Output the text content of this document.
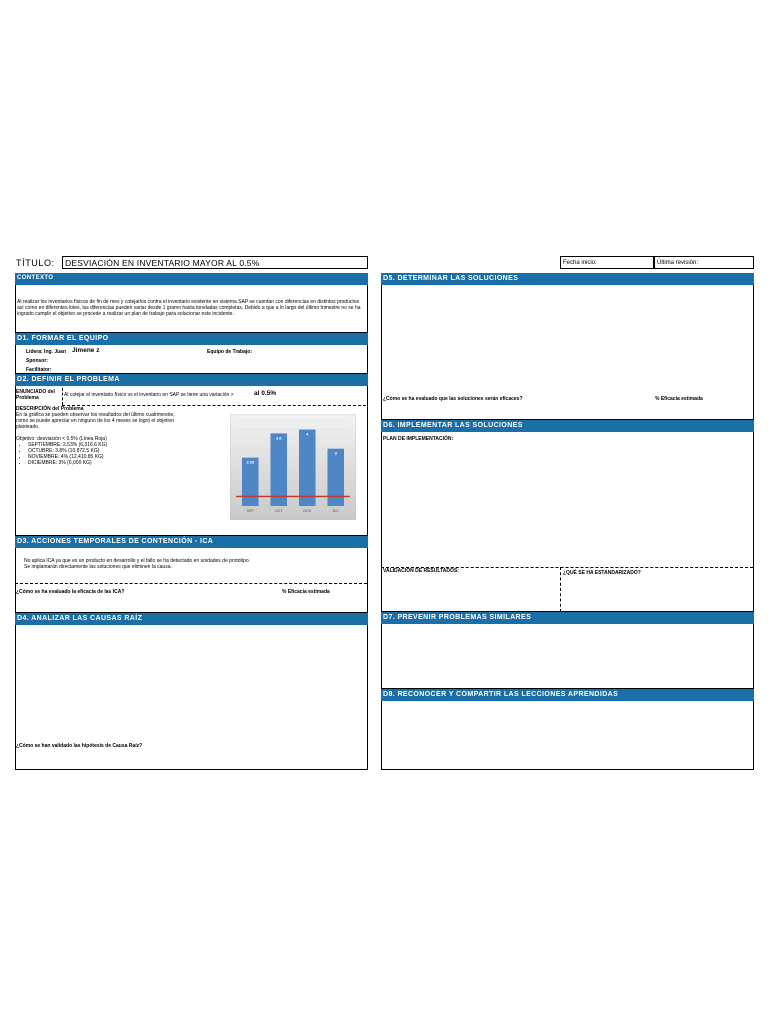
TÍTULO: DESVIACIÓN EN INVENTARIO MAYOR AL 0.5%	Fecha inicio:	Última revisión:
CONTEXTO
Al realizar los inventarios físicos de fin de mes y cotejarlos contra el inventario existente en sistema SAP se cuentan con diferencias en distintos productos así como en diferentes lotes, las diferencias pueden variar desde 1 gramo hasta toneladas completas. Debido a que a lo largo del último trimestre no se ha logrado cumplir el objetivo se procede a realizar un plan de trabajo para solucionar este incidente.
D1. FORMAR EL EQUIPO
Lídera: Ing. Juan Jimene z	Equipo de Trabajo:
Sponsor:
Facilitator:
D2. DEFINIR EL PROBLEMA
ENUNCIADO del Problema	Al cotejar el inventario físico vs el inventario en SAP se tiene una variación >	al 0.5%
DESCRIPCIÓN del Problema
En la gráfica se pueden observar los resultados del último cuatrimestre, como se puede apreciar en ninguno de los 4 meses se logró el objetivo planteado.
Objetivo: desviación < 0.5% (Línea Roja)
• SEPTIEMBRE: 2.53% (6,316.6 KG)
• OCTUBRE: 3.8% (10,872.5 KG)
• NOVIEMBRE: 4% (12,410.85 KG)
• DICIEMBRE: 3% (6,000 KG)	2.53
3.8
4
3
SEP	OCT	NOV	DIC
D3. ACCIONES TEMPORALES DE CONTENCIÓN - ICA
No aplica ICA ya que es un producto en desarrollo y el fallo se ha detectado en unidades de prototipo.
Se implantarán directamente las soluciones que eliminen la causa.
¿Cómo se ha evaluado la eficacia de las ICA?	% Eficacia estimada
D4. ANALIZAR LAS CAUSAS RAÍZ
¿Cómo se han validado las hipótesis de Causa Raíz?
D5. DETERMINAR LAS SOLUCIONES
¿Cómo se ha evaluado que las soluciones serán eficaces?	% Eficacia estimada
D6. IMPLEMENTAR LAS SOLUCIONES
PLAN DE IMPLEMENTACIÓN:
VALIDACIÓN DE RESULTADOS:	¿QUÉ SE HA ESTANDARIZADO?
D7. PREVENIR PROBLEMAS SIMILARES
D8. RECONOCER Y COMPARTIR LAS LECCIONES APRENDIDAS
